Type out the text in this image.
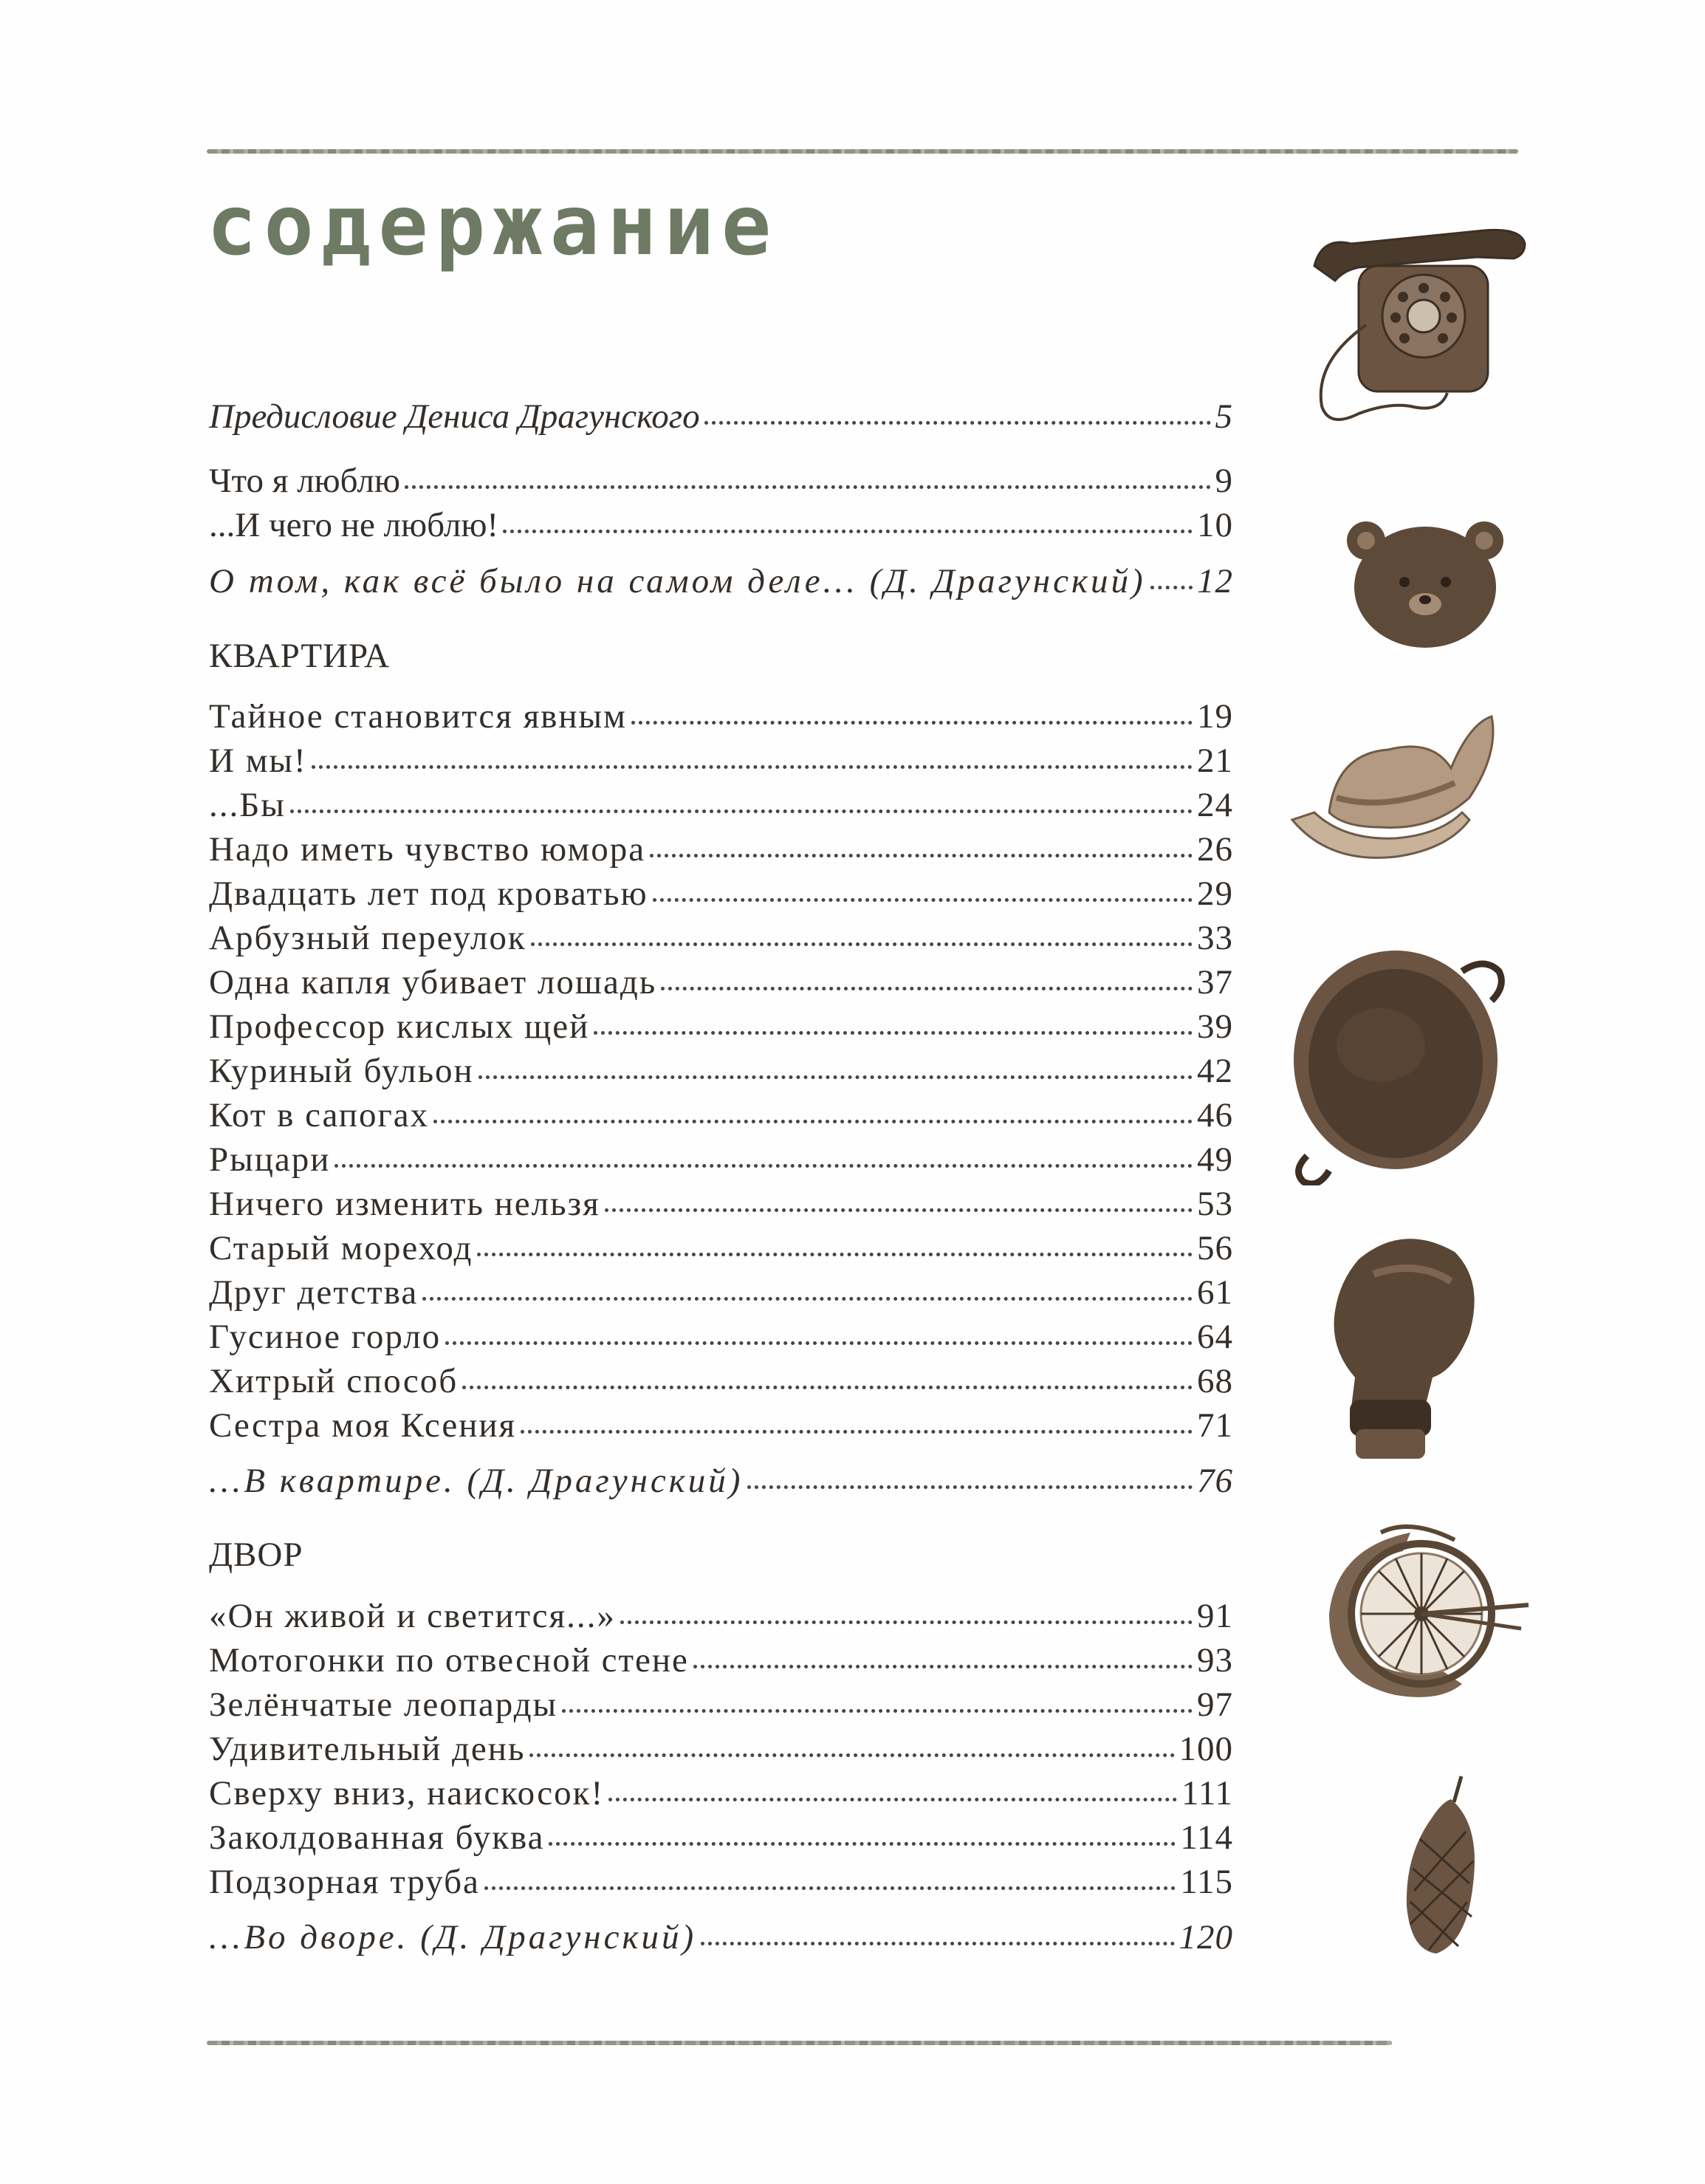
содержание
Предисловие Дениса Драгунского	5
Что я люблю	9
...И чего не люблю!	10
О том, как всё было на самом деле... (Д. Драгунский) 12
КВАРТИРА
Тайное становится явным	19
И мы!	21
...Бы	24
Надо иметь чувство юмора	26
Двадцать лет под кроватью	29
Арбузный переулок	33
Одна капля убивает лошадь	37
Профессор кислых щей	39
Куриный бульон	42
Кот в сапогах	46
Рыцари	49
Ничего изменить нельзя	53
Старый мореход	56
Друг детства	61
Гусиное горло	64
Хитрый способ	68
Сестра моя Ксения	71
...В квартире. (Д. Драгунский)	76
ДВОР
«Он живой и светится...»	91
Мотогонки по отвесной стене	93
Зелёнчатые леопарды	97
Удивительный день	100
Сверху вниз, наискосок!	111
Заколдованная буква	114
Подзорная труба	115
...Во дворе. (Д. Драгунский)	120
